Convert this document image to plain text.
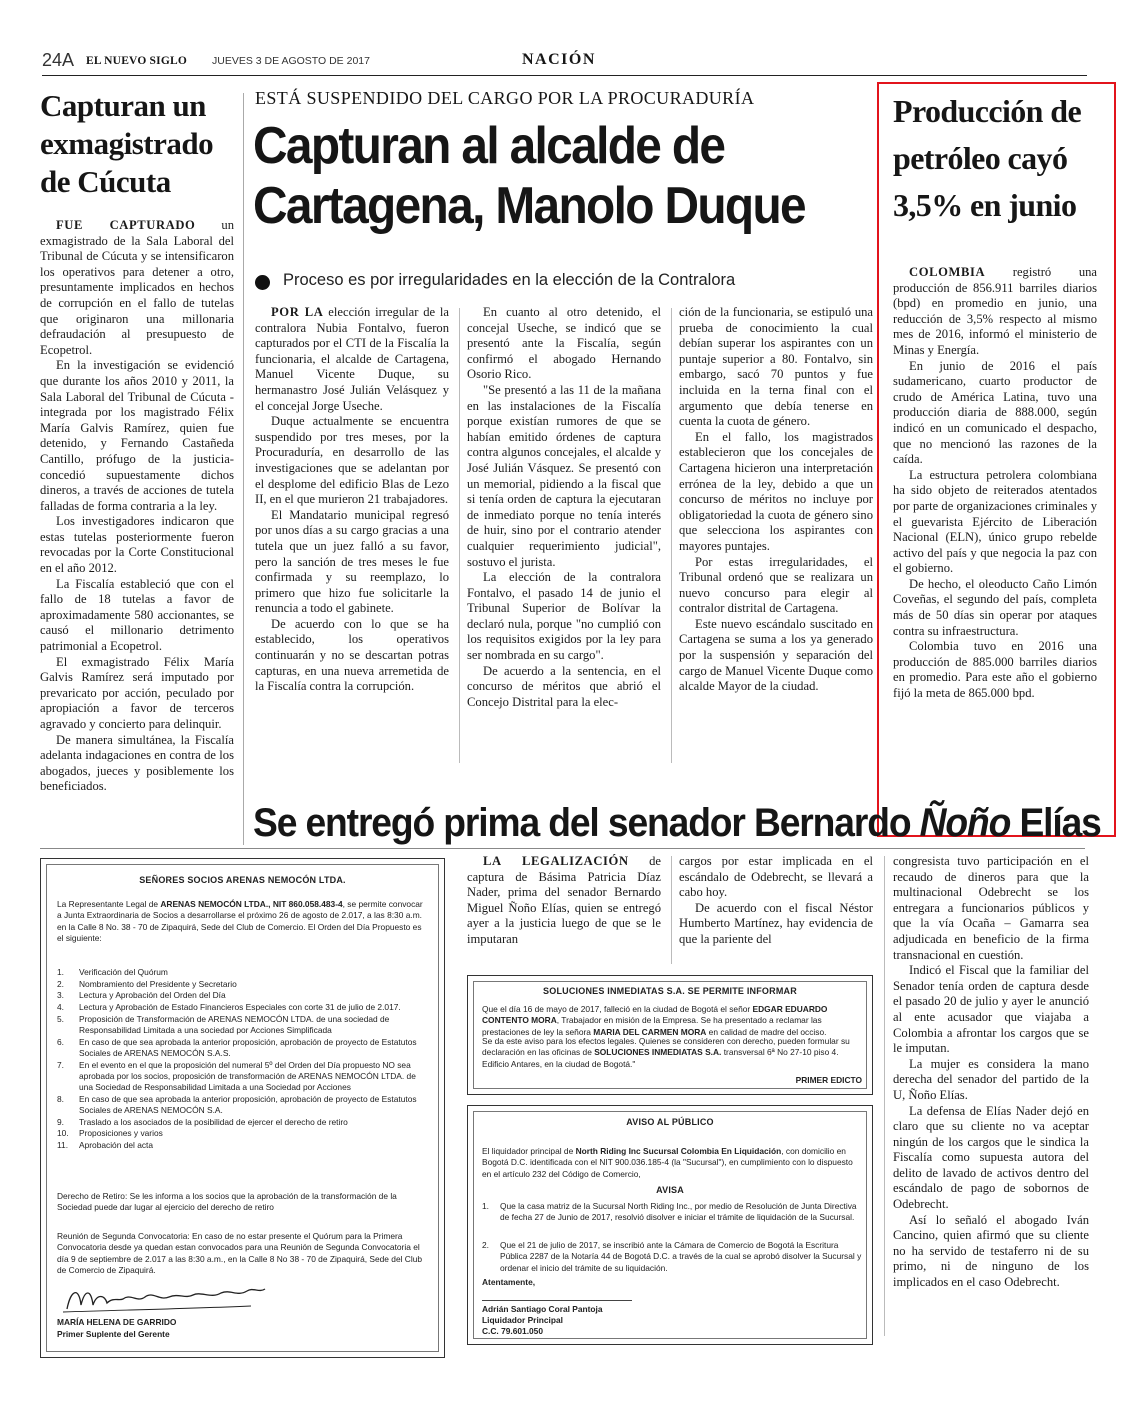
24A EL NUEVO SIGLO JUEVES 3 DE AGOSTO DE 2017	NACIÓN
Capturan un exmagistrado de Cúcuta

FUE CAPTURADO un exmagistrado de la Sala Laboral del Tribunal de Cúcuta y se intensificaron los operativos para detener a otro, presuntamente implicados en hechos de corrupción en el fallo de tutelas que originaron una millonaria defraudación al presupuesto de Ecopetrol.

En la investigación se evidenció que durante los años 2010 y 2011, la Sala Laboral del Tribunal de Cúcuta -integrada por los magistrado Félix María Galvis Ramírez, quien fue detenido, y Fernando Castañeda Cantillo, prófugo de la justicia- concedió supuestamente dichos dineros, a través de acciones de tutela falladas de forma contraria a la ley.

Los investigadores indicaron que estas tutelas posteriormente fueron revocadas por la Corte Constitucional en el año 2012.

La Fiscalía estableció que con el fallo de 18 tutelas a favor de aproximadamente 580 accionantes, se causó el millonario detrimento patrimonial a Ecopetrol.

El exmagistrado Félix María Galvis Ramírez será imputado por prevaricato por acción, peculado por apropiación a favor de terceros agravado y concierto para delinquir.

De manera simultánea, la Fiscalía adelanta indagaciones en contra de los abogados, jueces y posiblemente los beneficiados.

ESTÁ SUSPENDIDO DEL CARGO POR LA PROCURADURÍA
Capturan al alcalde de
Cartagena, Manolo Duque
Proceso es por irregularidades en la elección de la Contralora

POR LA elección irregular de la contralora Nubia Fontalvo, fueron capturados por el CTI de la Fiscalía la funcionaria, el alcalde de Cartagena, Manuel Vicente Duque, su hermanastro José Julián Velásquez y el concejal Jorge Useche.

Duque actualmente se encuentra suspendido por tres meses, por la Procuraduría, en desarrollo de las investigaciones que se adelantan por el desplome del edificio Blas de Lezo II, en el que murieron 21 trabajadores.

El Mandatario municipal regresó por unos días a su cargo gracias a una tutela que un juez falló a su favor, pero la sanción de tres meses le fue confirmada y su reemplazo, lo primero que hizo fue solicitarle la renuncia a todo el gabinete.

De acuerdo con lo que se ha establecido, los operativos continuarán y no se descartan potras capturas, en una nueva arremetida de la Fiscalía contra la corrupción.

En cuanto al otro detenido, el concejal Useche, se indicó que se presentó ante la Fiscalía, según confirmó el abogado Hernando Osorio Rico.

"Se presentó a las 11 de la mañana en las instalaciones de la Fiscalía porque existían rumores de que se habían emitido órdenes de captura contra algunos concejales, el alcalde y José Julián Vásquez. Se presentó con un memorial, pidiendo a la fiscal que si tenía orden de captura la ejecutaran de inmediato porque no tenía interés de huir, sino por el contrario atender cualquier requerimiento judicial", sostuvo el jurista.

La elección de la contralora Fontalvo, el pasado 14 de junio el Tribunal Superior de Bolívar la declaró nula, porque "no cumplió con los requisitos exigidos por la ley para ser nombrada en su cargo".

De acuerdo a la sentencia, en el concurso de méritos que abrió el Concejo Distrital para la elec-

ción de la funcionaria, se estipuló una prueba de conocimiento la cual debían superar los aspirantes con un puntaje superior a 80. Fontalvo, sin embargo, sacó 70 puntos y fue incluida en la terna final con el argumento que debía tenerse en cuenta la cuota de género.

En el fallo, los magistrados establecieron que los concejales de Cartagena hicieron una interpretación errónea de la ley, debido a que un concurso de méritos no incluye por obligatoriedad la cuota de género sino que selecciona los aspirantes con mayores puntajes.

Por estas irregularidades, el Tribunal ordenó que se realizara un nuevo concurso para elegir al contralor distrital de Cartagena.

Este nuevo escándalo suscitado en Cartagena se suma a los ya generado por la suspensión y separación del cargo de Manuel Vicente Duque como alcalde Mayor de la ciudad.

Producción de petróleo cayó 3,5% en junio

COLOMBIA registró una producción de 856.911 barriles diarios (bpd) en promedio en junio, una reducción de 3,5% respecto al mismo mes de 2016, informó el ministerio de Minas y Energía.

En junio de 2016 el país sudamericano, cuarto productor de crudo de América Latina, tuvo una producción diaria de 888.000, según indicó en un comunicado el despacho, que no mencionó las razones de la caída.

La estructura petrolera colombiana ha sido objeto de reiterados atentados por parte de organizaciones criminales y el guevarista Ejército de Liberación Nacional (ELN), único grupo rebelde activo del país y que negocia la paz con el gobierno.

De hecho, el oleoducto Caño Limón Coveñas, el segundo del país, completa más de 50 días sin operar por ataques contra su infraestructura.

Colombia tuvo en 2016 una producción de 885.000 barriles diarios en promedio. Para este año el gobierno fijó la meta de 865.000 bpd.

Se entregó prima del senador Bernardo Ñoño Elías

LA LEGALIZACIÓN de captura de Básima Patricia Díaz Nader, prima del senador Bernardo Miguel Ñoño Elías, quien se entregó ayer a la justicia luego de que se le imputaran

cargos por estar implicada en el escándalo de Odebrecht, se llevará a cabo hoy.

De acuerdo con el fiscal Néstor Humberto Martínez, hay evidencia de que la pariente del

congresista tuvo participación en el recaudo de dineros para que la multinacional Odebrecht se los entregara a funcionarios públicos y que la vía Ocaña – Gamarra sea adjudicada en beneficio de la firma transnacional en cuestión.

Indicó el Fiscal que la familiar del Senador tenía orden de captura desde el pasado 20 de julio y ayer le anunció al ente acusador que viajaba a Colombia a afrontar los cargos que se le imputan.

La mujer es considera la mano derecha del senador del partido de la U, Ñoño Elías.

La defensa de Elías Nader dejó en claro que su cliente no va aceptar ningún de los cargos que le sindica la Fiscalía como supuesta autora del delito de lavado de activos dentro del escándalo de pago de sobornos de Odebrecht.

Así lo señaló el abogado Iván Cancino, quien afirmó que su cliente no ha servido de testaferro ni de su primo, ni de ninguno de los implicados en el caso Odebrecht.

SEÑORES SOCIOS ARENAS NEMOCÓN LTDA.
La Representante Legal de ARENAS NEMOCÓN LTDA., NIT 860.058.483-4, se permite convocar a Junta Extraordinaria de Socios a desarrollarse el próximo 26 de agosto de 2.017, a las 8:30 a.m. en la Calle 8 No. 38 - 70 de Zipaquirá, Sede del Club de Comercio. El Orden del Día Propuesto es el siguiente:
1.	Verificación del Quórum
2.	Nombramiento del Presidente y Secretario
3.	Lectura y Aprobación del Orden del Día
4.	Lectura y Aprobación de Estado Financieros Especiales con corte 31 de julio de 2.017.
5.	Proposición de Transformación de ARENAS NEMOCÓN LTDA. de una sociedad de Responsabilidad Limitada a una sociedad por Acciones Simplificada
6.	En caso de que sea aprobada la anterior proposición, aprobación de proyecto de Estatutos Sociales de ARENAS NEMOCÓN S.A.S.
7.	En el evento en el que la proposición del numeral 5º del Orden del Día propuesto NO sea aprobada por los socios, proposición de transformación de ARENAS NEMOCÓN LTDA. de una Sociedad de Responsabilidad Limitada a una Sociedad por Acciones
8.	En caso de que sea aprobada la anterior proposición, aprobación de proyecto de Estatutos Sociales de ARENAS NEMOCÓN S.A.
9.	Traslado a los asociados de la posibilidad de ejercer el derecho de retiro
10.	Proposiciones y varios
11.	Aprobación del acta
Derecho de Retiro: Se les informa a los socios que la aprobación de la transformación de la Sociedad puede dar lugar al ejercicio del derecho de retiro
Reunión de Segunda Convocatoria: En caso de no estar presente el Quórum para la Primera Convocatoria desde ya quedan estan convocados para una Reunión de Segunda Convocatoria el día 9 de septiembre de 2.017 a las 8:30 a.m., en la Calle 8 No 38 - 70 de Zipaquirá, Sede del Club de Comercio de Zipaquirá.
MARÍA HELENA DE GARRIDO
Primer Suplente del Gerente
SOLUCIONES INMEDIATAS S.A. SE PERMITE INFORMAR
Que el día 16 de mayo de 2017, falleció en la ciudad de Bogotá el señor EDGAR EDUARDO CONTENTO MORA, Trabajador en misión de la Empresa. Se ha presentado a reclamar las prestaciones de ley la señora MARIA DEL CARMEN MORA en calidad de madre del occiso.
Se da este aviso para los efectos legales. Quienes se consideren con derecho, pueden formular su declaración en las oficinas de SOLUCIONES INMEDIATAS S.A. transversal 6ª No 27-10 piso 4. Edificio Antares, en la ciudad de Bogotá."
PRIMER EDICTO
AVISO AL PÚBLICO
El liquidador principal de North Riding Inc Sucursal Colombia En Liquidación, con domicilio en Bogotá D.C. identificada con el NIT 900.036.185-4 (la "Sucursal"), en cumplimiento con lo dispuesto en el artículo 232 del Código de Comercio,
AVISA
1.	Que la casa matriz de la Sucursal North Riding Inc., por medio de Resolución de Junta Directiva de fecha 27 de Junio de 2017, resolvió disolver e iniciar el trámite de liquidación de la Sucursal.
2.	Que el 21 de julio de 2017, se inscribió ante la Cámara de Comercio de Bogotá la Escritura Pública 2287 de la Notaría 44 de Bogotá D.C. a través de la cual se aprobó disolver la Sucursal y ordenar el inicio del trámite de su liquidación.
Atentamente,
Adrián Santiago Coral Pantoja
Liquidador Principal
C.C. 79.601.050
